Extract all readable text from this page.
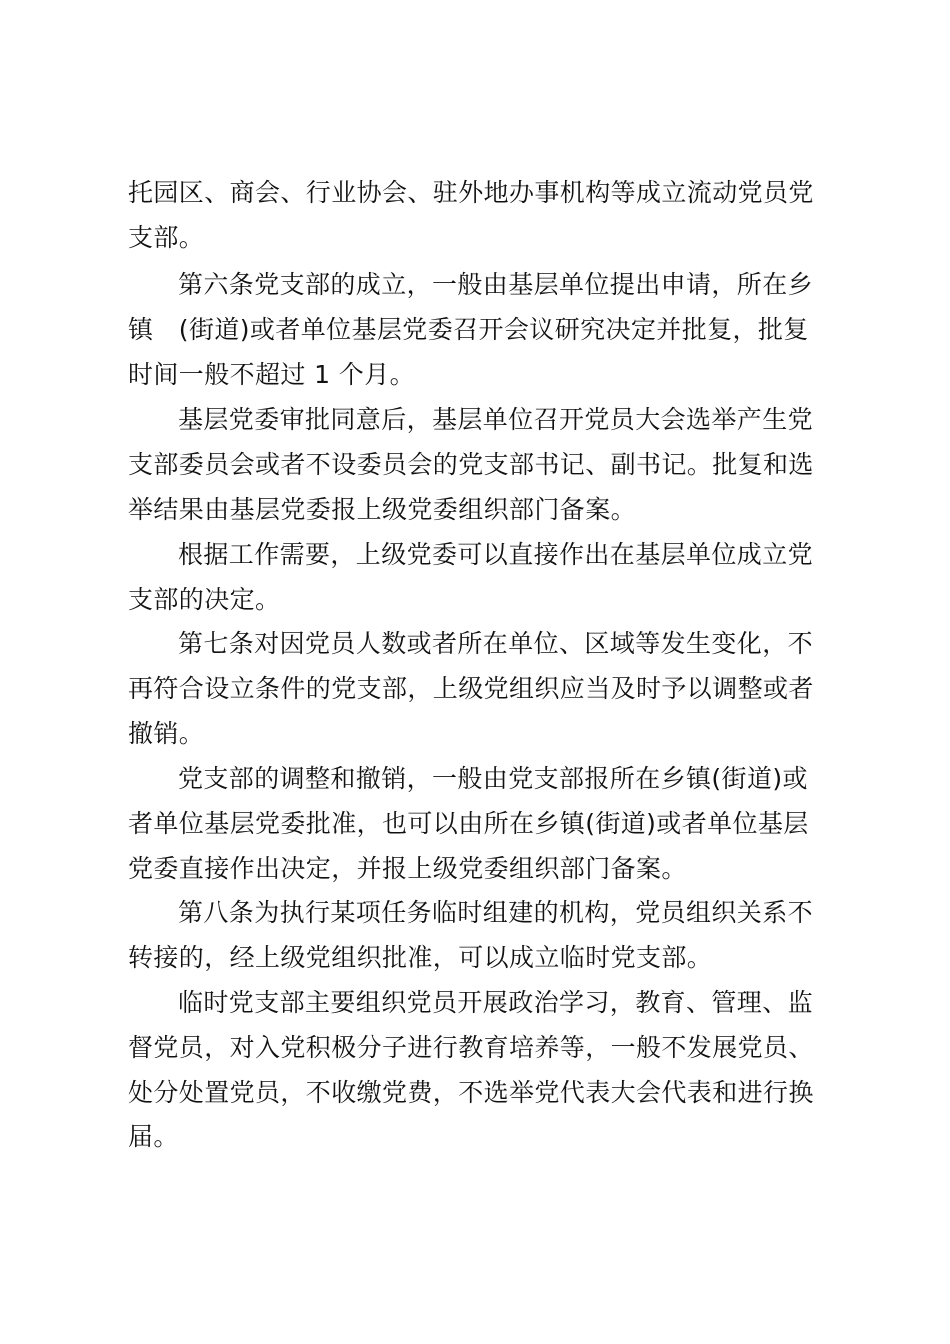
托园区、商会、行业协会、驻外地办事机构等成立流动党员党
支部。
第六条党支部的成立，一般由基层单位提出申请，所在乡
镇　(街道)或者单位基层党委召开会议研究决定并批复，批复
时间一般不超过 1 个月。
基层党委审批同意后，基层单位召开党员大会选举产生党
支部委员会或者不设委员会的党支部书记、副书记。批复和选
举结果由基层党委报上级党委组织部门备案。
根据工作需要，上级党委可以直接作出在基层单位成立党
支部的决定。
第七条对因党员人数或者所在单位、区域等发生变化，不
再符合设立条件的党支部，上级党组织应当及时予以调整或者
撤销。
党支部的调整和撤销，一般由党支部报所在乡镇(街道)或
者单位基层党委批准，也可以由所在乡镇(街道)或者单位基层
党委直接作出决定，并报上级党委组织部门备案。
第八条为执行某项任务临时组建的机构，党员组织关系不
转接的，经上级党组织批准，可以成立临时党支部。
临时党支部主要组织党员开展政治学习，教育、管理、监
督党员，对入党积极分子进行教育培养等，一般不发展党员、
处分处置党员，不收缴党费，不选举党代表大会代表和进行换
届。
